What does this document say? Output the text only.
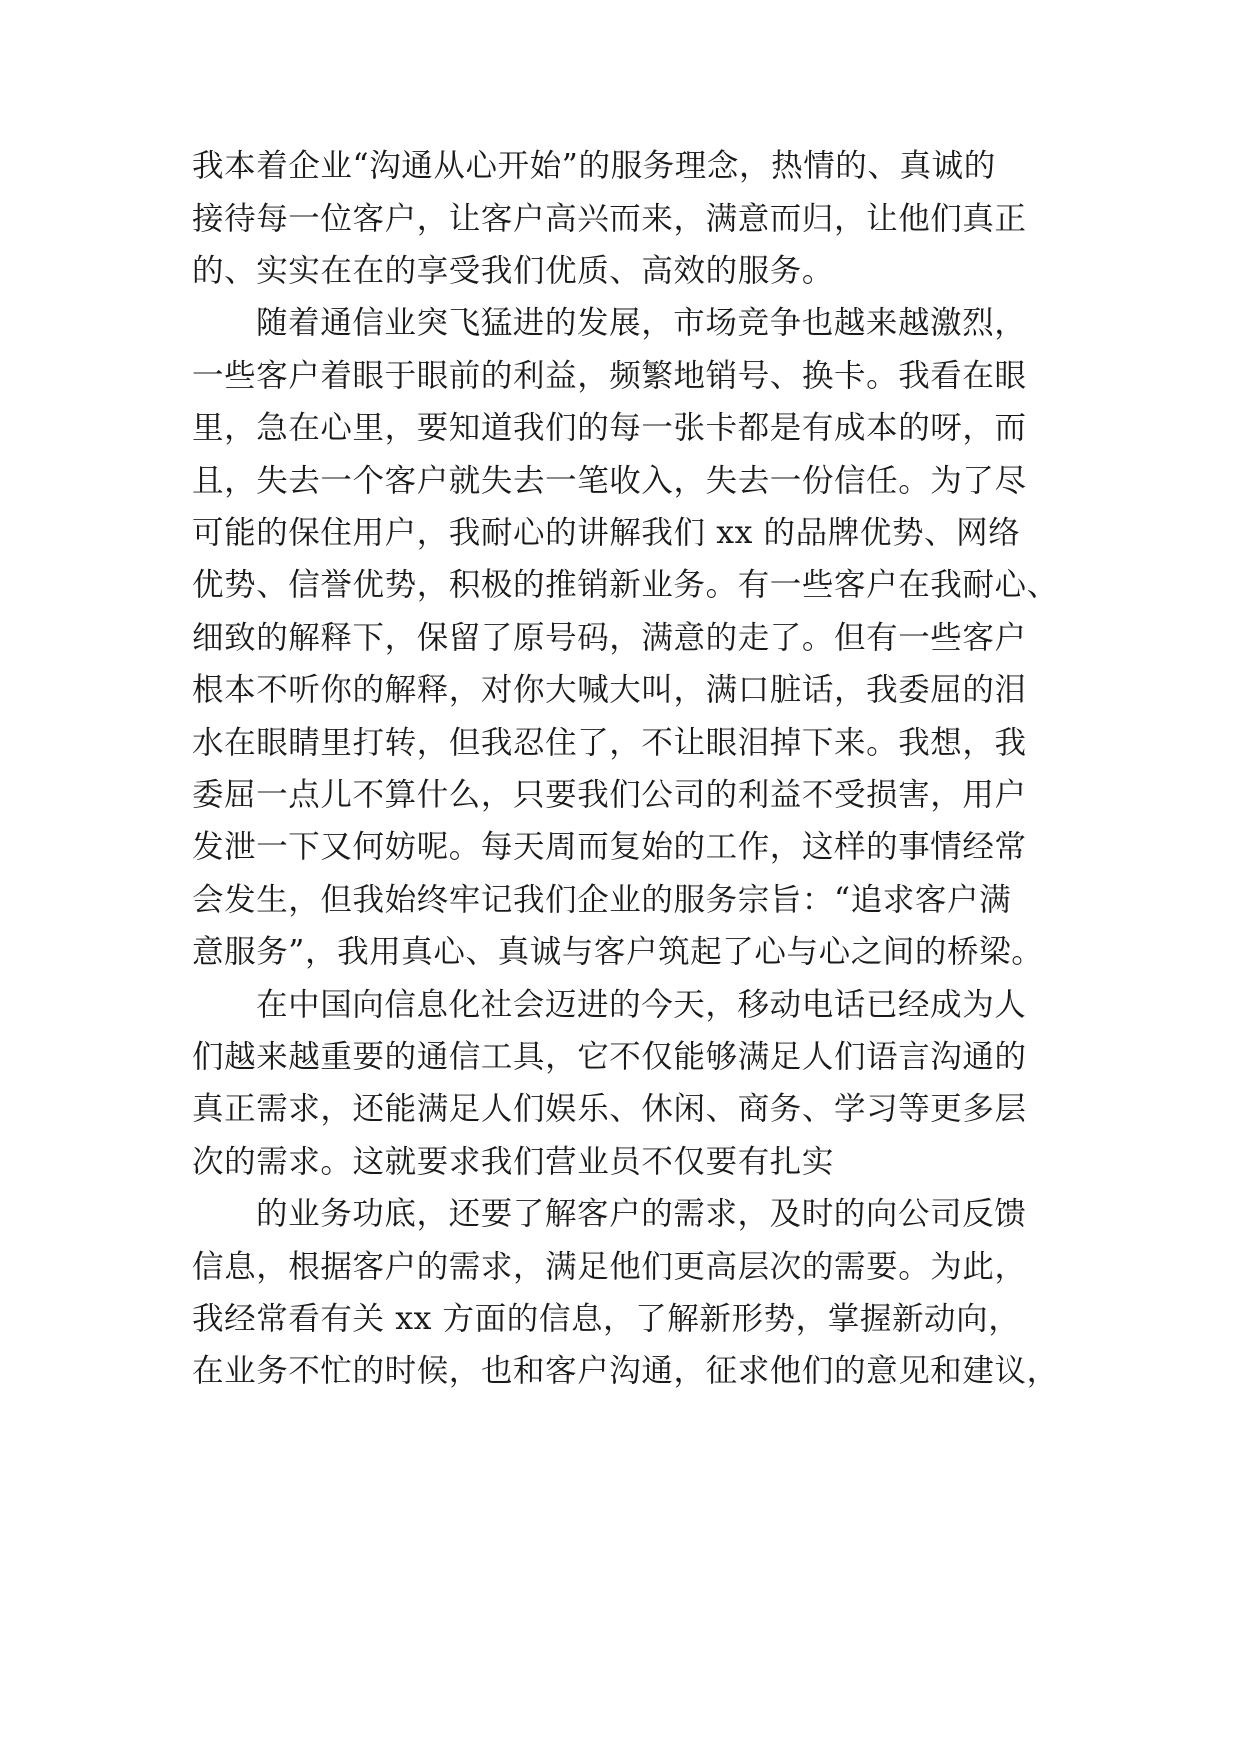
我本着企业“沟通从心开始”的服务理念，热情的、真诚的
接待每一位客户，让客户高兴而来，满意而归，让他们真正
的、实实在在的享受我们优质、高效的服务。
随着通信业突飞猛进的发展，市场竞争也越来越激烈，
一些客户着眼于眼前的利益，频繁地销号、换卡。我看在眼
里，急在心里，要知道我们的每一张卡都是有成本的呀，而
且，失去一个客户就失去一笔收入，失去一份信任。为了尽
可能的保住用户，我耐心的讲解我们 xx 的品牌优势、网络
优势、信誉优势，积极的推销新业务。有一些客户在我耐心、
细致的解释下，保留了原号码，满意的走了。但有一些客户
根本不听你的解释，对你大喊大叫，满口脏话，我委屈的泪
水在眼睛里打转，但我忍住了，不让眼泪掉下来。我想，我
委屈一点儿不算什么，只要我们公司的利益不受损害，用户
发泄一下又何妨呢。每天周而复始的工作，这样的事情经常
会发生，但我始终牢记我们企业的服务宗旨：“追求客户满
意服务”，我用真心、真诚与客户筑起了心与心之间的桥梁。
在中国向信息化社会迈进的今天，移动电话已经成为人
们越来越重要的通信工具，它不仅能够满足人们语言沟通的
真正需求，还能满足人们娱乐、休闲、商务、学习等更多层
次的需求。这就要求我们营业员不仅要有扎实
的业务功底，还要了解客户的需求，及时的向公司反馈
信息，根据客户的需求，满足他们更高层次的需要。为此，
我经常看有关 xx 方面的信息，了解新形势，掌握新动向，
在业务不忙的时候，也和客户沟通，征求他们的意见和建议，
